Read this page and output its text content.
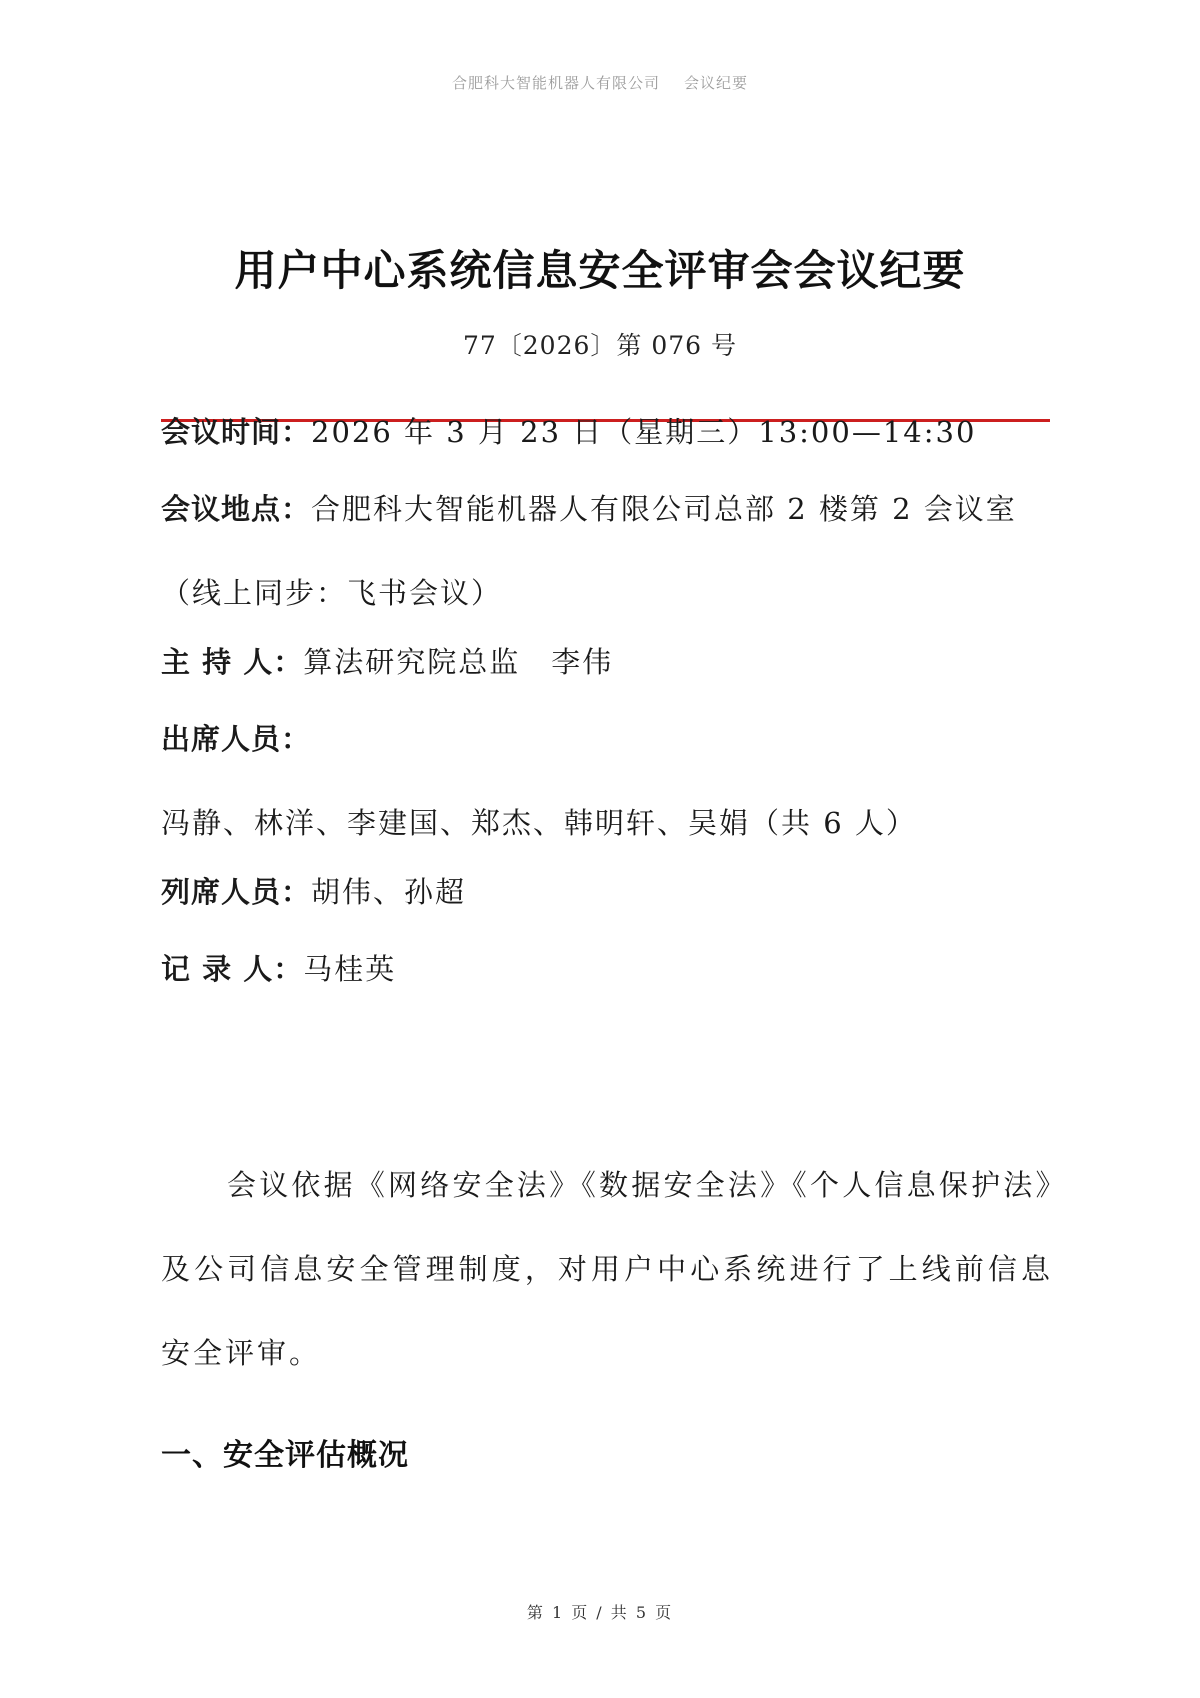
合肥科大智能机器人有限公司 会议纪要
用户中心系统信息安全评审会会议纪要
77〔2026〕第 076 号
会议时间：2026 年 3 月 23 日（星期三）13:00—14:30
会议地点：合肥科大智能机器人有限公司总部 2 楼第 2 会议室（线上同步：飞书会议）
主 持 人：算法研究院总监　李伟
出席人员：冯静、林洋、李建国、郑杰、韩明轩、吴娟（共 6 人）
列席人员：胡伟、孙超
记 录 人：马桂英
会议依据《网络安全法》《数据安全法》《个人信息保护法》及公司信息安全管理制度，对用户中心系统进行了上线前信息安全评审。
一、安全评估概况
第 1 页 / 共 5 页
